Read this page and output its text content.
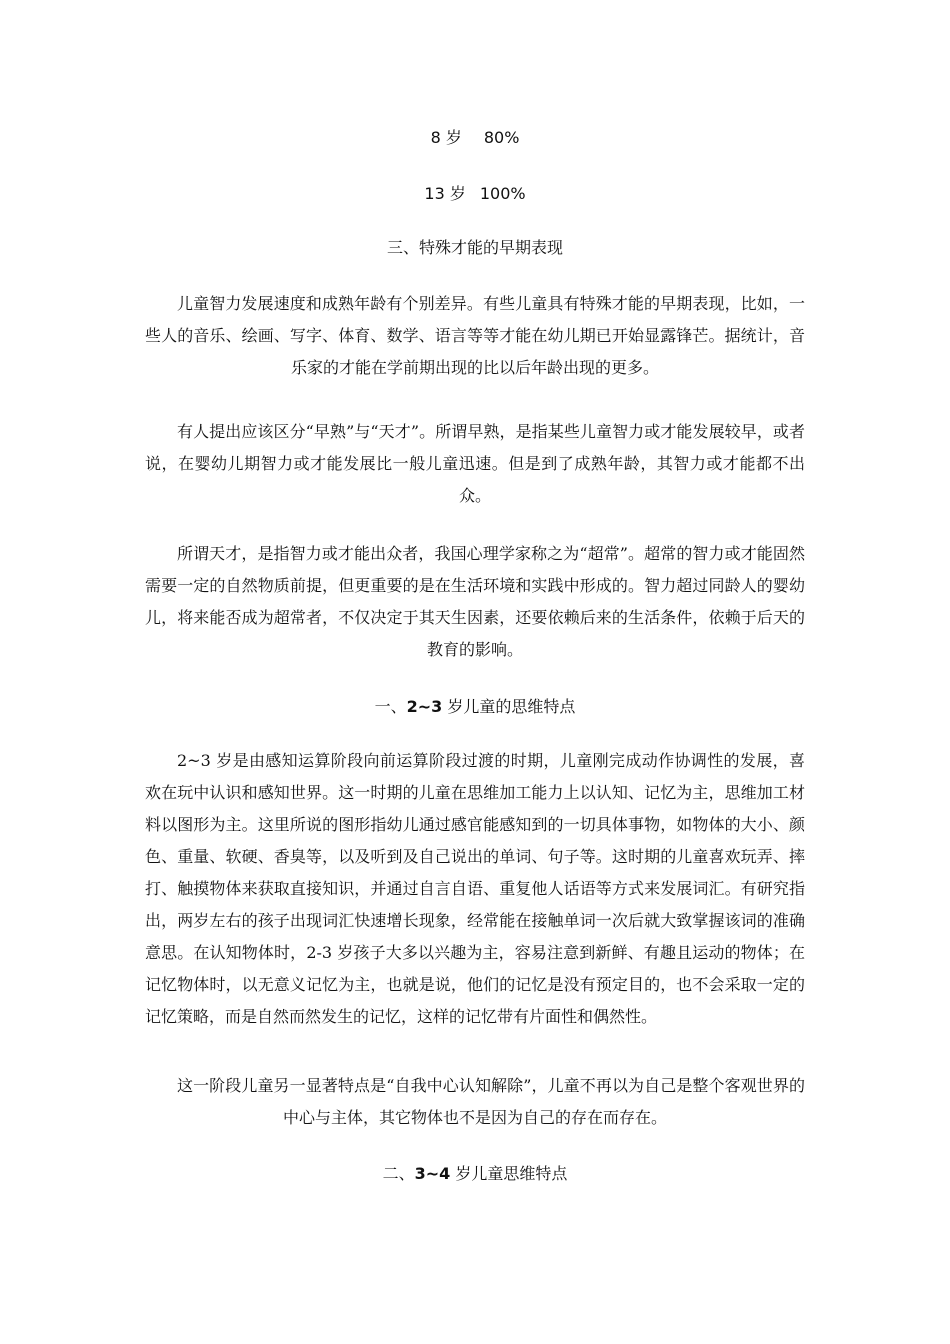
8 岁 80%
13 岁 100%
三、特殊才能的早期表现
儿童智力发展速度和成熟年龄有个别差异。有些儿童具有特殊才能的早期表现，比如，一些人的音乐、绘画、写字、体育、数学、语言等等才能在幼儿期已开始显露锋芒。据统计，音乐家的才能在学前期出现的比以后年龄出现的更多。
有人提出应该区分“早熟”与“天才”。所谓早熟，是指某些儿童智力或才能发展较早，或者说，在婴幼儿期智力或才能发展比一般儿童迅速。但是到了成熟年龄，其智力或才能都不出众。
所谓天才，是指智力或才能出众者，我国心理学家称之为“超常”。超常的智力或才能固然需要一定的自然物质前提，但更重要的是在生活环境和实践中形成的。智力超过同龄人的婴幼儿，将来能否成为超常者，不仅决定于其天生因素，还要依赖后来的生活条件，依赖于后天的教育的影响。
一、2~3 岁儿童的思维特点
2~3 岁是由感知运算阶段向前运算阶段过渡的时期，儿童刚完成动作协调性的发展，喜欢在玩中认识和感知世界。这一时期的儿童在思维加工能力上以认知、记忆为主，思维加工材料以图形为主。这里所说的图形指幼儿通过感官能感知到的一切具体事物，如物体的大小、颜色、重量、软硬、香臭等，以及听到及自己说出的单词、句子等。这时期的儿童喜欢玩弄、摔打、触摸物体来获取直接知识，并通过自言自语、重复他人话语等方式来发展词汇。有研究指出，两岁左右的孩子出现词汇快速增长现象，经常能在接触单词一次后就大致掌握该词的准确意思。在认知物体时，2-3 岁孩子大多以兴趣为主，容易注意到新鲜、有趣且运动的物体；在记忆物体时，以无意义记忆为主，也就是说，他们的记忆是没有预定目的，也不会采取一定的记忆策略，而是自然而然发生的记忆，这样的记忆带有片面性和偶然性。
这一阶段儿童另一显著特点是“自我中心认知解除”，儿童不再以为自己是整个客观世界的中心与主体，其它物体也不是因为自己的存在而存在。
二、3~4 岁儿童思维特点
